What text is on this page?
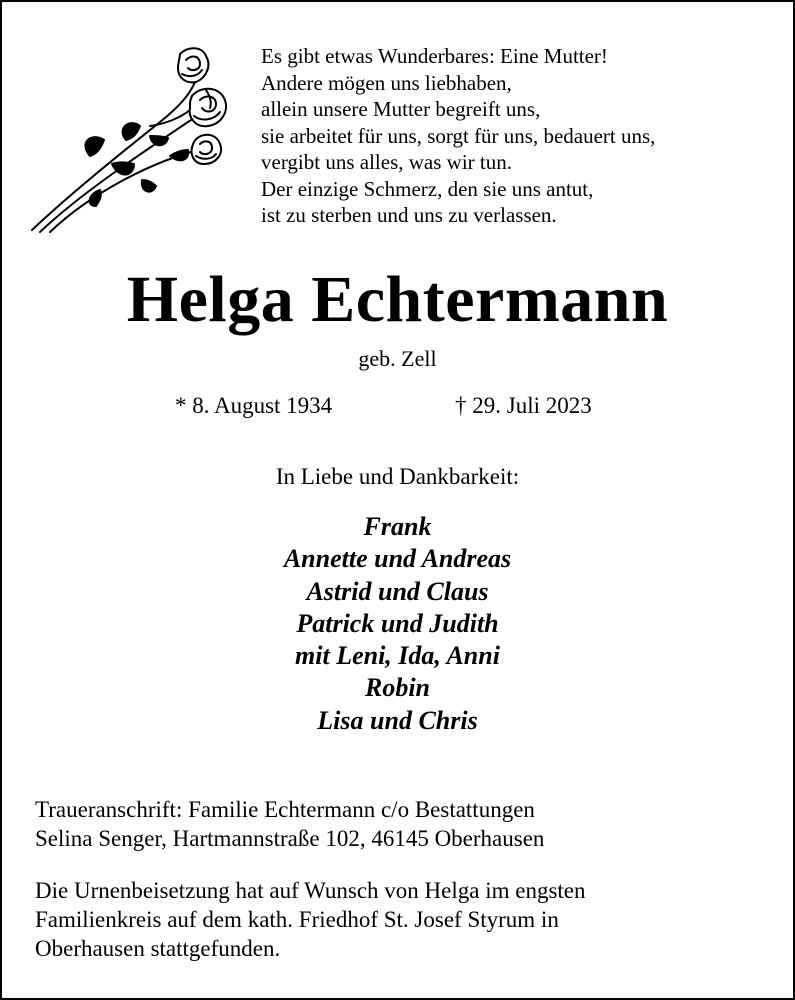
Es gibt etwas Wunderbares: Eine Mutter!
Andere mögen uns liebhaben,
allein unsere Mutter begreift uns,
sie arbeitet für uns, sorgt für uns, bedauert uns,
vergibt uns alles, was wir tun.
Der einzige Schmerz, den sie uns antut,
ist zu sterben und uns zu verlassen.
Helga Echtermann
geb. Zell
* 8. August 1934	† 29. Juli 2023
In Liebe und Dankbarkeit:
Frank
Annette und Andreas
Astrid und Claus
Patrick und Judith
mit Leni, Ida, Anni
Robin
Lisa und Chris
Traueranschrift: Familie Echtermann c/o Bestattungen
Selina Senger, Hartmannstraße 102, 46145 Oberhausen
Die Urnenbeisetzung hat auf Wunsch von Helga im engsten
Familienkreis auf dem kath. Friedhof St. Josef Styrum in
Oberhausen stattgefunden.
